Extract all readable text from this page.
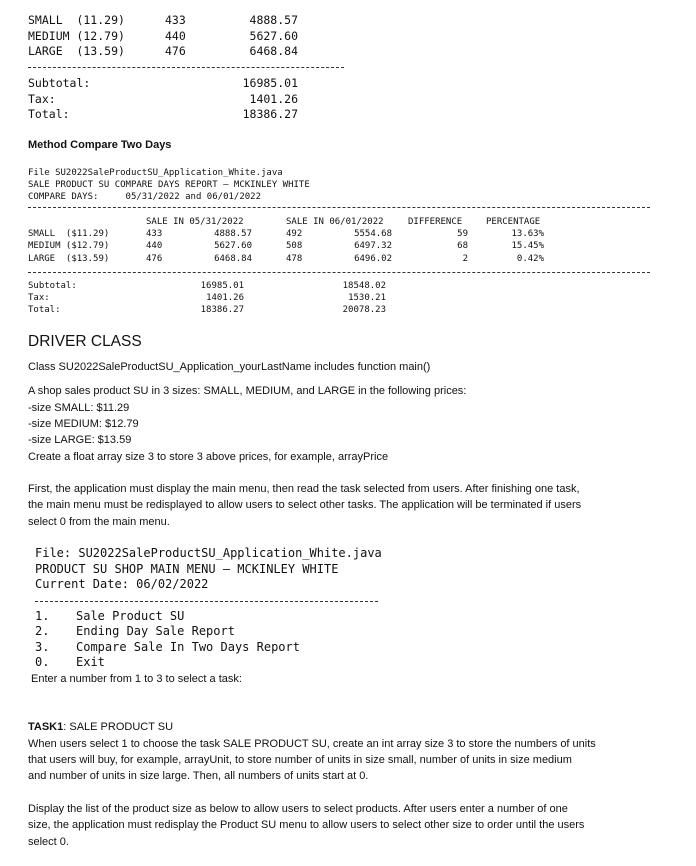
SMALL  (11.29)	433	4888.57
MEDIUM (12.79)	440	5627.60
LARGE  (13.59)	476	6468.84
Subtotal:	16985.01
Tax:	1401.26
Total:	18386.27
Method Compare Two Days
File SU2022SaleProductSU_Application_White.java
SALE PRODUCT SU COMPARE DAYS REPORT – MCKINLEY WHITE
COMPARE DAYS:     05/31/2022 and 06/01/2022
SALE IN 05/31/2022	SALE IN 06/01/2022	DIFFERENCE	PERCENTAGE
SMALL  ($11.29)	433	4888.57	492	5554.68	59	13.63%
MEDIUM ($12.79)	440	5627.60	508	6497.32	68	15.45%
LARGE  ($13.59)	476	6468.84	478	6496.02	2	0.42%
Subtotal:	16985.01	18548.02
Tax:	1401.26	1530.21
Total:	18386.27	20078.23
DRIVER CLASS
Class SU2022SaleProductSU_Application_yourLastName includes function main()
A shop sales product SU in 3 sizes: SMALL, MEDIUM, and LARGE in the following prices:
-size SMALL: $11.29
-size MEDIUM: $12.79
-size LARGE: $13.59
Create a float array size 3 to store 3 above prices, for example, arrayPrice
First, the application must display the main menu, then read the task selected from users. After finishing one task,
the main menu must be redisplayed to allow users to select other tasks. The application will be terminated if users
select 0 from the main menu.
File: SU2022SaleProductSU_Application_White.java
PRODUCT SU SHOP MAIN MENU – MCKINLEY WHITE
Current Date: 06/02/2022
1. Sale Product SU
2. Ending Day Sale Report
3. Compare Sale In Two Days Report
0. Exit
Enter a number from 1 to 3 to select a task:
TASK1: SALE PRODUCT SU
When users select 1 to choose the task SALE PRODUCT SU, create an int array size 3 to store the numbers of units
that users will buy, for example, arrayUnit, to store number of units in size small, number of units in size medium
and number of units in size large. Then, all numbers of units start at 0.
Display the list of the product size as below to allow users to select products. After users enter a number of one
size, the application must redisplay the Product SU menu to allow users to select other size to order until the users
select 0.
